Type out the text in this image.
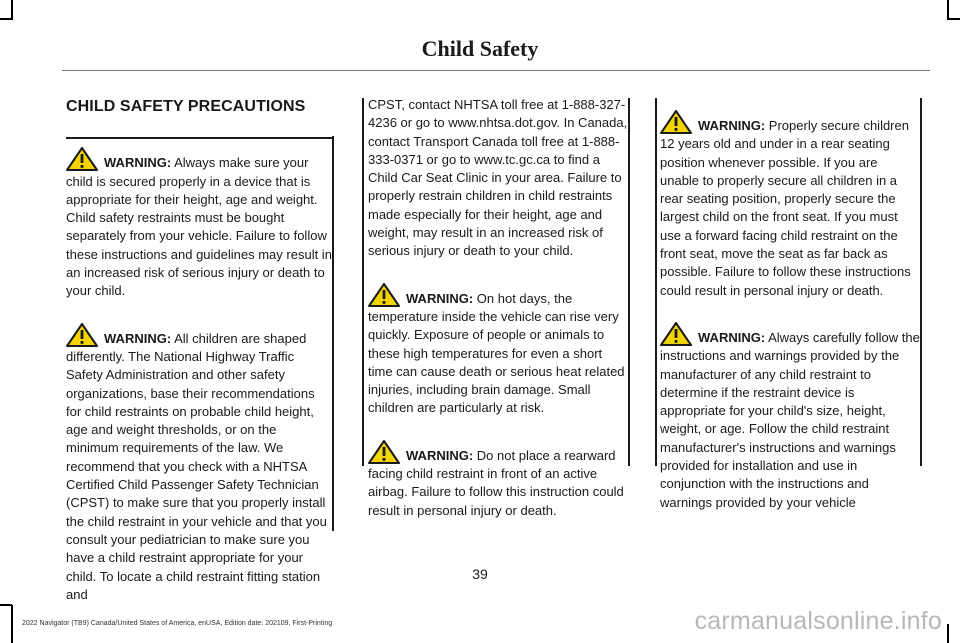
Child Safety
CHILD SAFETY PRECAUTIONS
WARNING: Always make sure your child is secured properly in a device that is appropriate for their height, age and weight. Child safety restraints must be bought separately from your vehicle. Failure to follow these instructions and guidelines may result in an increased risk of serious injury or death to your child.
WARNING: All children are shaped differently. The National Highway Traffic Safety Administration and other safety organizations, base their recommendations for child restraints on probable child height, age and weight thresholds, or on the minimum requirements of the law. We recommend that you check with a NHTSA Certified Child Passenger Safety Technician (CPST) to make sure that you properly install the child restraint in your vehicle and that you consult your pediatrician to make sure you have a child restraint appropriate for your child. To locate a child restraint fitting station and

CPST, contact NHTSA toll free at 1-888-327-4236 or go to www.nhtsa.dot.gov. In Canada, contact Transport Canada toll free at 1-888-333-0371 or go to www.tc.gc.ca to find a Child Car Seat Clinic in your area. Failure to properly restrain children in child restraints made especially for their height, age and weight, may result in an increased risk of serious injury or death to your child.

WARNING: On hot days, the temperature inside the vehicle can rise very quickly. Exposure of people or animals to these high temperatures for even a short time can cause death or serious heat related injuries, including brain damage. Small children are particularly at risk.
WARNING: Do not place a rearward facing child restraint in front of an active airbag. Failure to follow this instruction could result in personal injury or death.
WARNING: Properly secure children 12 years old and under in a rear seating position whenever possible. If you are unable to properly secure all children in a rear seating position, properly secure the largest child on the front seat. If you must use a forward facing child restraint on the front seat, move the seat as far back as possible. Failure to follow these instructions could result in personal injury or death.
WARNING: Always carefully follow the instructions and warnings provided by the manufacturer of any child restraint to determine if the restraint device is appropriate for your child's size, height, weight, or age. Follow the child restraint manufacturer's instructions and warnings provided for installation and use in conjunction with the instructions and warnings provided by your vehicle
39
2022 Navigator (TB9) Canada/United States of America, enUSA, Edition date: 202109, First-Printing	carmanualsonline.info
